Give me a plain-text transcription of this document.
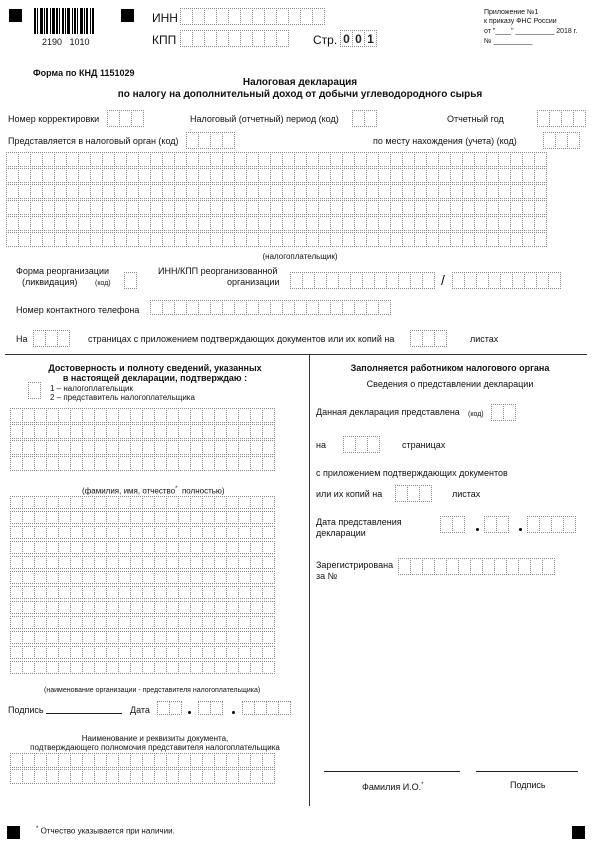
2190   1010
ИНН
КПП	Стр. 0 0 1
Приложение №1
к приказу ФНС России
от "____" __________ 2018 г.
№ __________
Форма по КНД 1151029
Налоговая декларация
по налогу на дополнительный доход от добычи углеводородного сырья
Номер корректировки	Налоговый (отчетный) период (код)	Отчетный год
Представляется в налоговый орган (код)	по месту нахождения (учета) (код)
(налогоплательщик)
Форма реорганизации
(ликвидация)	(код)
ИНН/КПП реорганизованной
организации	/
Номер контактного телефона
На	страницах с приложением подтверждающих документов или их копий на	листах
Достоверность и полноту сведений, указанных
в настоящей декларации, подтверждаю :
1 – налогоплательщик
2 – представитель налогоплательщика
(фамилия, имя, отчество* полностью)
(наименование организации - представителя налогоплательщика)
Подпись	Дата
Наименование и реквизиты документа,
подтверждающего полномочия представителя налогоплательщика
Заполняется работником налогового органа
Сведения о представлении декларации
Данная декларация представлена (код)
на	страницах
с приложением подтверждающих документов
или их копий на	листах
Дата представления
декларации
Зарегистрирована
за №
Фамилия И.О.*	Подпись
* Отчество указывается при наличии.
